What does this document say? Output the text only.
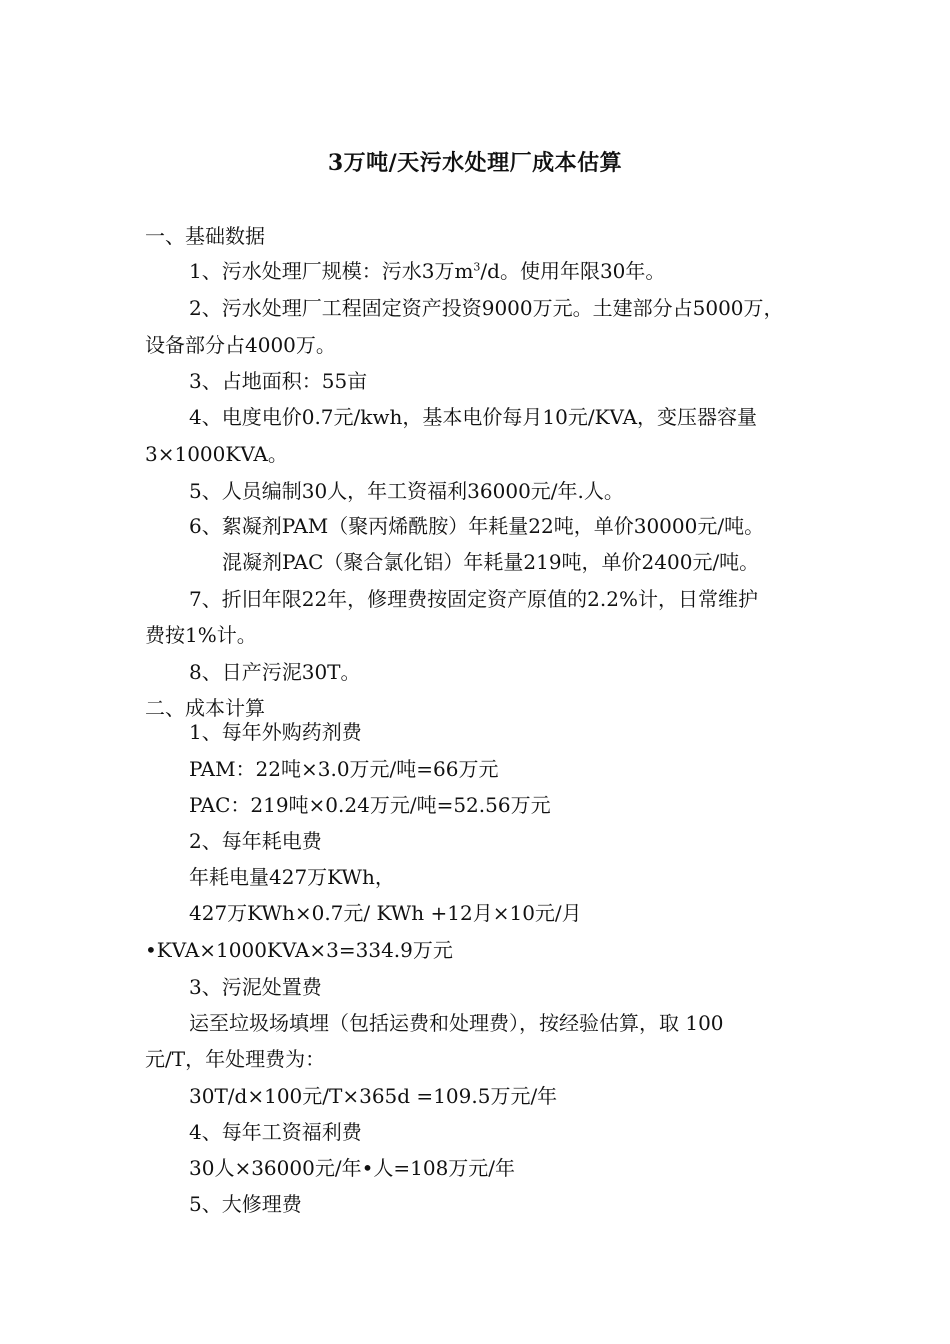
3万吨/天污水处理厂成本估算
一、基础数据
1、污水处理厂规模：污水3万$m^3/d$。使用年限30年。
2、污水处理厂工程固定资产投资9000万元。土建部分占5000万，
设备部分占4000万。
3、占地面积：55亩
4、电度电价0.7元/kwh，基本电价每月10元/KVA，变压器容量
3×1000KVA。
5、人员编制30人，年工资福利36000元/年.人。
6、絮凝剂PAM（聚丙烯酰胺）年耗量22吨，单价30000元/吨。
混凝剂PAC（聚合氯化铝）年耗量219吨，单价2400元/吨。
7、折旧年限22年，修理费按固定资产原值的2.2%计，日常维护
费按1%计。
8、日产污泥30T。
二、成本计算
1、每年外购药剂费
PAM：22吨×3.0万元/吨=66万元
PAC：219吨×0.24万元/吨=52.56万元
2、每年耗电费
年耗电量427万KWh，
427万KWh×0.7元/ KWh +12月×10元/月
•KVA×1000KVA×3=334.9万元
3、污泥处置费
运至垃圾场填埋（包括运费和处理费），按经验估算，取 100
元/T，年处理费为：
30T/d×100元/T×365d =109.5万元/年
4、每年工资福利费
30人×36000元/年•人=108万元/年
5、大修理费
